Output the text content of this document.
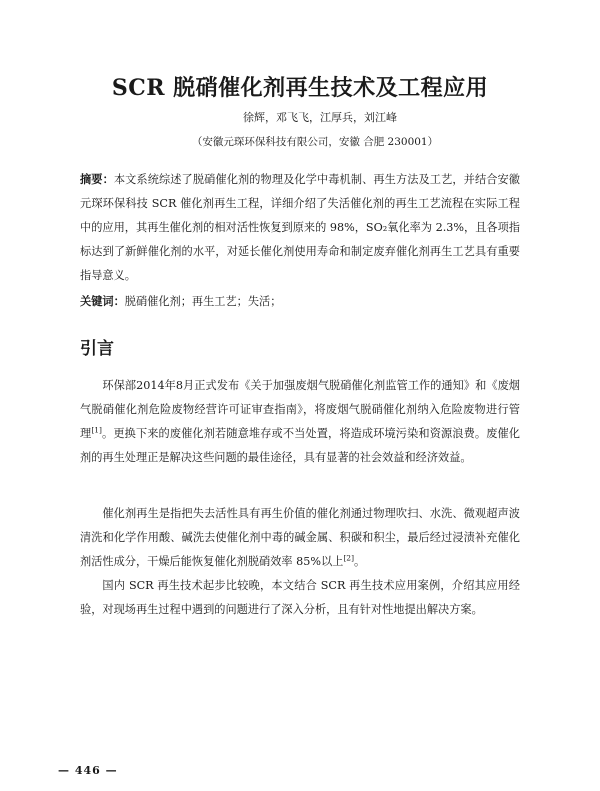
SCR 脱硝催化剂再生技术及工程应用
徐辉，邓飞飞，江厚兵，刘江峰
（安徽元琛环保科技有限公司，安徽 合肥 230001）

摘要：本文系统综述了脱硝催化剂的物理及化学中毒机制、再生方法及工艺，并结合安徽元琛环保科技 SCR 催化剂再生工程，详细介绍了失活催化剂的再生工艺流程在实际工程中的应用，其再生催化剂的相对活性恢复到原来的 98%，SO₂氧化率为 2.3%，且各项指标达到了新鲜催化剂的水平，对延长催化剂使用寿命和制定废弃催化剂再生工艺具有重要指导意义。

关键词：脱硝催化剂；再生工艺；失活；

引言

环保部2014年8月正式发布《关于加强废烟气脱硝催化剂监管工作的通知》和《废烟气脱硝催化剂危险废物经营许可证审查指南》，将废烟气脱硝催化剂纳入危险废物进行管理[1]。更换下来的废催化剂若随意堆存或不当处置，将造成环境污染和资源浪费。废催化剂的再生处理正是解决这些问题的最佳途径，具有显著的社会效益和经济效益。

催化剂再生是指把失去活性具有再生价值的催化剂通过物理吹扫、水洗、微观超声波清洗和化学作用酸、碱洗去使催化剂中毒的碱金属、积碳和积尘，最后经过浸渍补充催化剂活性成分，干燥后能恢复催化剂脱硝效率 85%以上[2]。

国内 SCR 再生技术起步比较晚，本文结合 SCR 再生技术应用案例，介绍其应用经验，对现场再生过程中遇到的问题进行了深入分析，且有针对性地提出解决方案。

— 446 —
